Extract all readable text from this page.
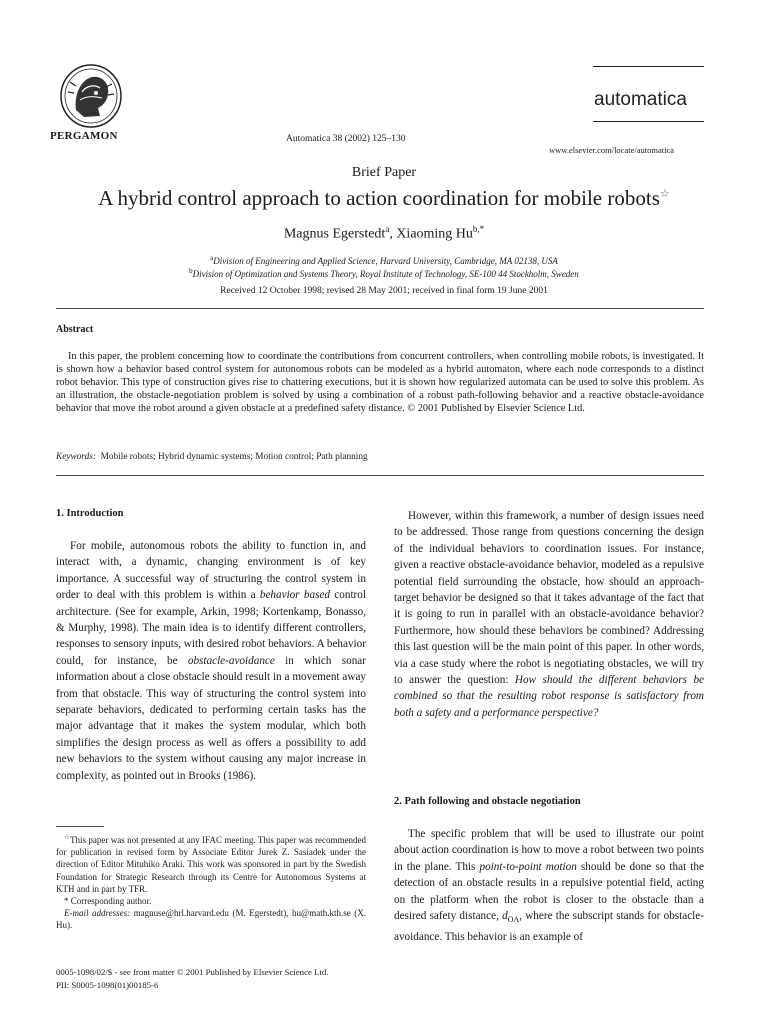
PERGAMON	Automatica 38 (2002) 125–130
automatica
www.elsevier.com/locate/automatica
Brief Paper
A hybrid control approach to action coordination for mobile robots☆
Magnus Egerstedt$^a$, Xiaoming $Hu^{b,*}$
$^a$Division of Engineering and Applied Science, Harvard University, Cambridge, MA 02138, USA
$^b$Division of Optimization and Systems Theory, Royal Institute of Technology, SE-100 44 Stockholm, Sweden
Received 12 October 1998; revised 28 May 2001; received in final form 19 June 2001
Abstract
In this paper, the problem concerning how to coordinate the contributions from concurrent controllers, when controlling mobile robots, is investigated. It is shown how a behavior based control system for autonomous robots can be modeled as a hybrid automaton, where each node corresponds to a distinct robot behavior. This type of construction gives rise to chattering executions, but it is shown how regularized automata can be used to solve this problem. As an illustration, the obstacle-negotiation problem is solved by using a combination of a robust path-following behavior and a reactive obstacle-avoidance behavior that move the robot around a given obstacle at a predefined safety distance. © 2001 Published by Elsevier Science Ltd.
Keywords: Mobile robots; Hybrid dynamic systems; Motion control; Path planning
1. Introduction

For mobile, autonomous robots the ability to function in, and interact with, a dynamic, changing environment is of key importance. A successful way of structuring the control system in order to deal with this problem is within a behavior based control architecture. (See for example, Arkin, 1998; Kortenkamp, Bonasso, & Murphy, 1998). The main idea is to identify different controllers, responses to sensory inputs, with desired robot behaviors. A behavior could, for instance, be obstacle-avoidance in which sonar information about a close obstacle should result in a movement away from that obstacle. This way of structuring the control system into separate behaviors, dedicated to performing certain tasks has the major advantage that it makes the system modular, which both simplifies the design process as well as offers a possibility to add new behaviors to the system without causing any major increase in complexity, as pointed out in Brooks (1986).

☆This paper was not presented at any IFAC meeting. This paper was recommended for publication in revised form by Associate Editor Jurek Z. Sasiadek under the direction of Editor Mituhiko Araki. This work was sponsored in part by the Swedish Foundation for Strategic Research through its Centre for Autonomous Systems at KTH and in part by TFR.

* Corresponding author.

E-mail addresses: magnuse@hrl.harvard.edu (M. Egerstedt), hu@math.kth.se (X. Hu).

0005-1098/02/$ - see front matter © 2001 Published by Elsevier Science Ltd.
PII: S0005-1098(01)00185-6

However, within this framework, a number of design issues need to be addressed. Those range from questions concerning the design of the individual behaviors to coordination issues. For instance, given a reactive obstacle-avoidance behavior, modeled as a repulsive potential field surrounding the obstacle, how should an approach-target behavior be designed so that it takes advantage of the fact that it is going to run in parallel with an obstacle-avoidance behavior? Furthermore, how should these behaviors be combined? Addressing this last question will be the main point of this paper. In other words, via a case study where the robot is negotiating obstacles, we will try to answer the question: How should the different behaviors be combined so that the resulting robot response is satisfactory from both a safety and a performance perspective?

2. Path following and obstacle negotiation

The specific problem that will be used to illustrate our point about action coordination is how to move a robot between two points in the plane. This point-to-point motion should be done so that the detection of an obstacle results in a repulsive potential field, acting on the platform when the robot is closer to the obstacle than a desired safety distance, $d_{OA}$, where the subscript stands for obstacle-avoidance. This behavior is an example of
